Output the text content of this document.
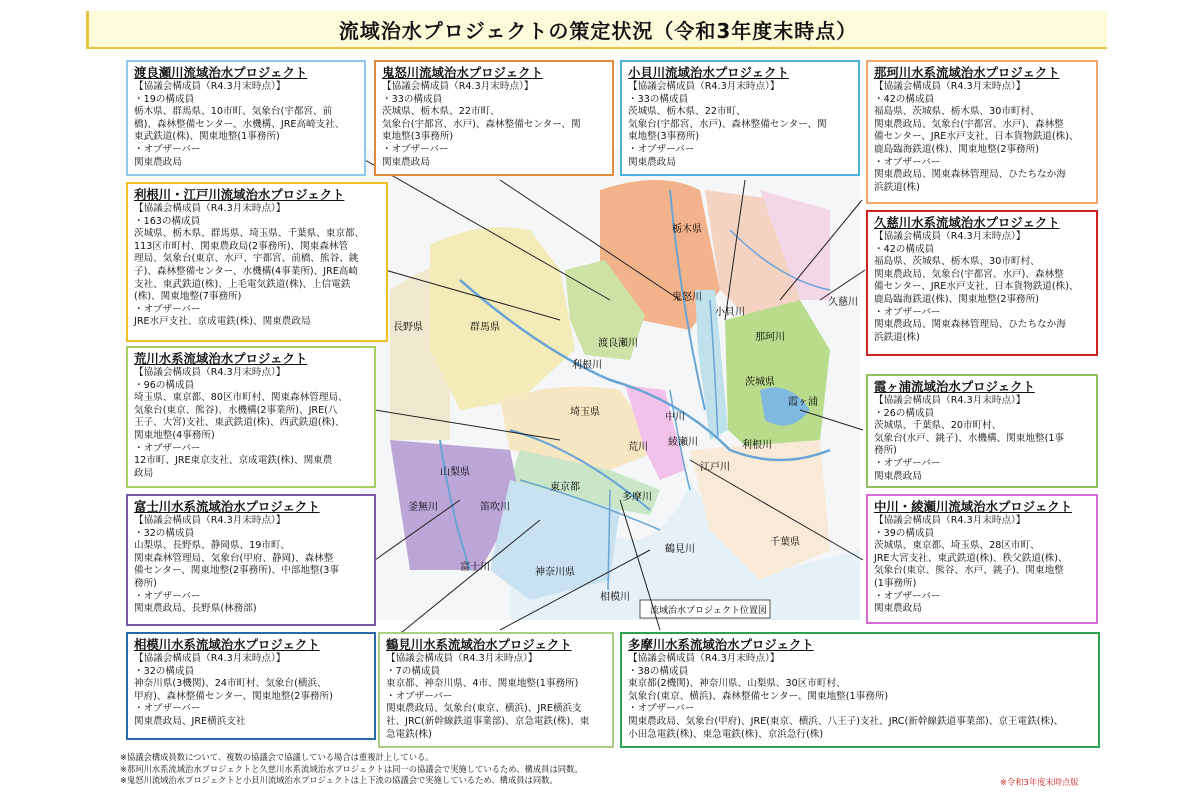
流域治水プロジェクトの策定状況（令和3年度末時点）
栃木県
群馬県
長野県
茨城県
埼玉県
山梨県
東京都
千葉県
神奈川県
鬼怒川
小貝川
久慈川
那珂川
渡良瀬川
利根川
利根川
霞ヶ浦
中川
綾瀬川
荒川
江戸川
多摩川
鶴見川
相模川
富士川
釜無川	笛吹川
流域治水プロジェクト位置図
渡良瀬川流域治水プロジェクト
【協議会構成員（R4.3月末時点）】
・19の構成員
栃木県、群馬県、10市町、気象台(宇都宮、前
橋)、森林整備センター、水機構、JRE高崎支社、
東武鉄道(株)、関東地整(1事務所)
・オブザーバー
関東農政局
鬼怒川流域治水プロジェクト
【協議会構成員（R4.3月末時点）】
・33の構成員
茨城県、栃木県、22市町、
気象台(宇都宮、水戸)、森林整備センター、関
東地整(3事務所)
・オブザーバー
関東農政局
小貝川流域治水プロジェクト
【協議会構成員（R4.3月末時点）】
・33の構成員
茨城県、栃木県、22市町、
気象台(宇都宮、水戸)、森林整備センター、関
東地整(3事務所)
・オブザーバー
関東農政局
那珂川水系流域治水プロジェクト
【協議会構成員（R4.3月末時点）】
・42の構成員
福島県、茨城県、栃木県、30市町村、
関東農政局、気象台(宇都宮、水戸)、森林整
備センター、JRE水戸支社、日本貨物鉄道(株)、
鹿島臨海鉄道(株)、関東地整(2事務所)
・オブザーバー
関東農政局、関東森林管理局、ひたちなか海
浜鉄道(株)
利根川・江戸川流域治水プロジェクト
【協議会構成員（R4.3月末時点）】
・163の構成員
茨城県、栃木県、群馬県、埼玉県、千葉県、東京都、
113区市町村、関東農政局(2事務所)、関東森林管
理局、気象台(東京、水戸、宇都宮、前橋、熊谷、銚
子)、森林整備センター、水機構(4事業所)、JRE高崎
支社、東武鉄道(株)、上毛電気鉄道(株)、上信電鉄
(株)、関東地整(7事務所)
・オブザーバー
JRE水戸支社、京成電鉄(株)、関東農政局
久慈川水系流域治水プロジェクト
【協議会構成員（R4.3月末時点）】
・42の構成員
福島県、茨城県、栃木県、30市町村、
関東農政局、気象台(宇都宮、水戸)、森林整
備センター、JRE水戸支社、日本貨物鉄道(株)、
鹿島臨海鉄道(株)、関東地整(2事務所)
・オブザーバー
関東農政局、関東森林管理局、ひたちなか海
浜鉄道(株)
荒川水系流域治水プロジェクト
【協議会構成員（R4.3月末時点）】
・96の構成員
埼玉県、東京都、80区市町村、関東森林管理局、
気象台(東京、熊谷)、水機構(2事業所)、JRE(八
王子、大宮)支社、東武鉄道(株)、西武鉄道(株)、
関東地整(4事務所)
・オブザーバー
12市町、JRE東京支社、京成電鉄(株)、関東農
政局
霞ヶ浦流域治水プロジェクト
【協議会構成員（R4.3月末時点）】
・26の構成員
茨城県、千葉県、20市町村、
気象台(水戸、銚子)、水機構、関東地整(1事
務所)
・オブザーバー
関東農政局
富士川水系流域治水プロジェクト
【協議会構成員（R4.3月末時点）】
・32の構成員
山梨県、長野県、静岡県、19市町、
関東森林管理局、気象台(甲府、静岡)、森林整
備センター、関東地整(2事務所)、中部地整(3事
務所)
・オブザーバー
関東農政局、長野県(林務部)
中川・綾瀬川流域治水プロジェクト
【協議会構成員（R4.3月末時点）】
・39の構成員
茨城県、東京都、埼玉県、28区市町、
JRE大宮支社、東武鉄道(株)、秩父鉄道(株)、
気象台(東京、熊谷、水戸、銚子)、関東地整
(1事務所)
・オブザーバー
関東農政局
相模川水系流域治水プロジェクト
【協議会構成員（R4.3月末時点）】
・32の構成員
神奈川県(3機関)、24市町村、気象台(横浜、
甲府)、森林整備センター、関東地整(2事務所)
・オブザーバー
関東農政局、JRE横浜支社
鶴見川水系流域治水プロジェクト
【協議会構成員（R4.3月末時点）】
・7の構成員
東京都、神奈川県、4市、関東地整(1事務所)
・オブザーバー
関東農政局、気象台(東京、横浜)、JRE横浜支
社、JRC(新幹線鉄道事業部)、京急電鉄(株)、東
急電鉄(株)
多摩川水系流域治水プロジェクト
【協議会構成員（R4.3月末時点）】
・38の構成員
東京都(2機関)、神奈川県、山梨県、30区市町村、
気象台(東京、横浜)、森林整備センター、関東地整(1事務所)
・オブザーバー
関東農政局、気象台(甲府)、JRE(東京、横浜、八王子)支社、JRC(新幹線鉄道事業部)、京王電鉄(株)、
小田急電鉄(株)、東急電鉄(株)、京浜急行(株)
※協議会構成員数について、複数の協議会で協議している場合は重複計上している。
※那珂川水系流域治水プロジェクトと久慈川水系流域治水プロジェクトは同一の協議会で実施しているため、構成員は同数。
※鬼怒川流域治水プロジェクトと小貝川流域治水プロジェクトは上下流の協議会で実施しているため、構成員は同数。	※令和3年度末時点版
